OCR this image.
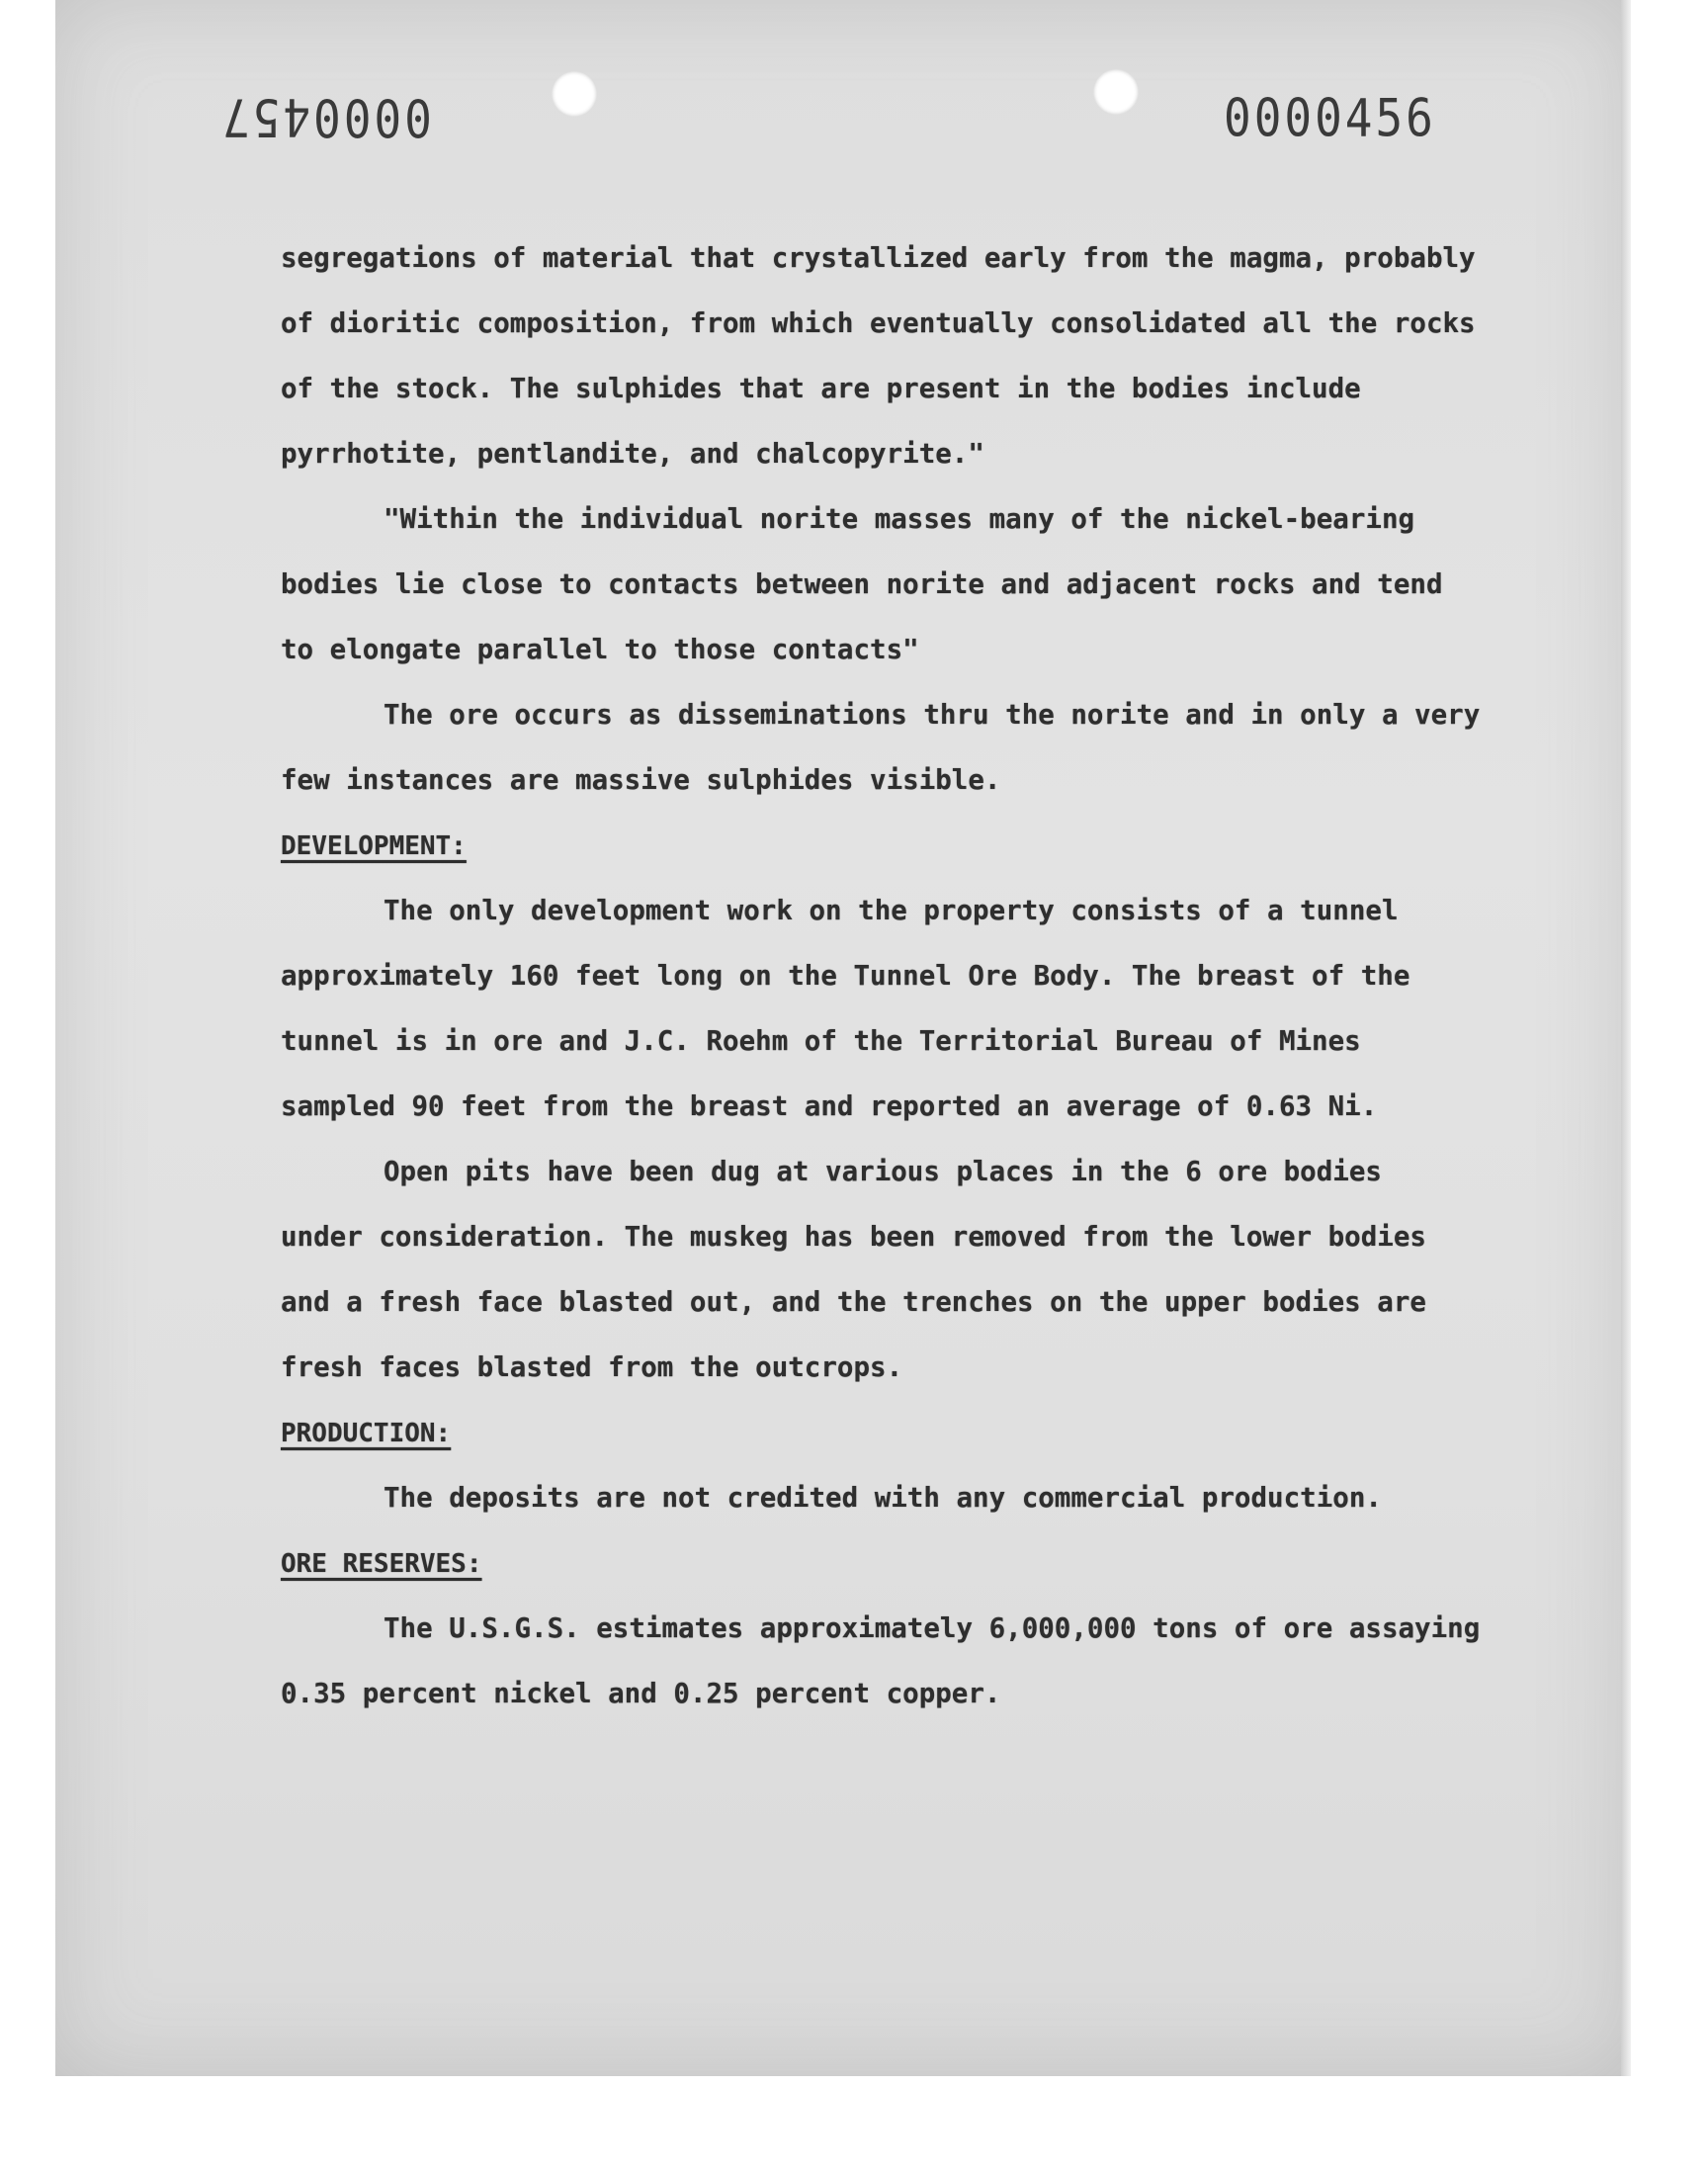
0000457	0000456
segregations of material that crystallized early from the magma, probably
of dioritic composition, from which eventually consolidated all the rocks
of the stock. The sulphides that are present in the bodies include
pyrrhotite, pentlandite, and chalcopyrite."
"Within the individual norite masses many of the nickel-bearing
bodies lie close to contacts between norite and adjacent rocks and tend
to elongate parallel to those contacts"
The ore occurs as disseminations thru the norite and in only a very
few instances are massive sulphides visible.
DEVELOPMENT:
The only development work on the property consists of a tunnel
approximately 160 feet long on the Tunnel Ore Body. The breast of the
tunnel is in ore and J.C. Roehm of the Territorial Bureau of Mines
sampled 90 feet from the breast and reported an average of 0.63 Ni.
Open pits have been dug at various places in the 6 ore bodies
under consideration. The muskeg has been removed from the lower bodies
and a fresh face blasted out, and the trenches on the upper bodies are
fresh faces blasted from the outcrops.
PRODUCTION:
The deposits are not credited with any commercial production.
ORE RESERVES:
The U.S.G.S. estimates approximately 6,000,000 tons of ore assaying
0.35 percent nickel and 0.25 percent copper.
